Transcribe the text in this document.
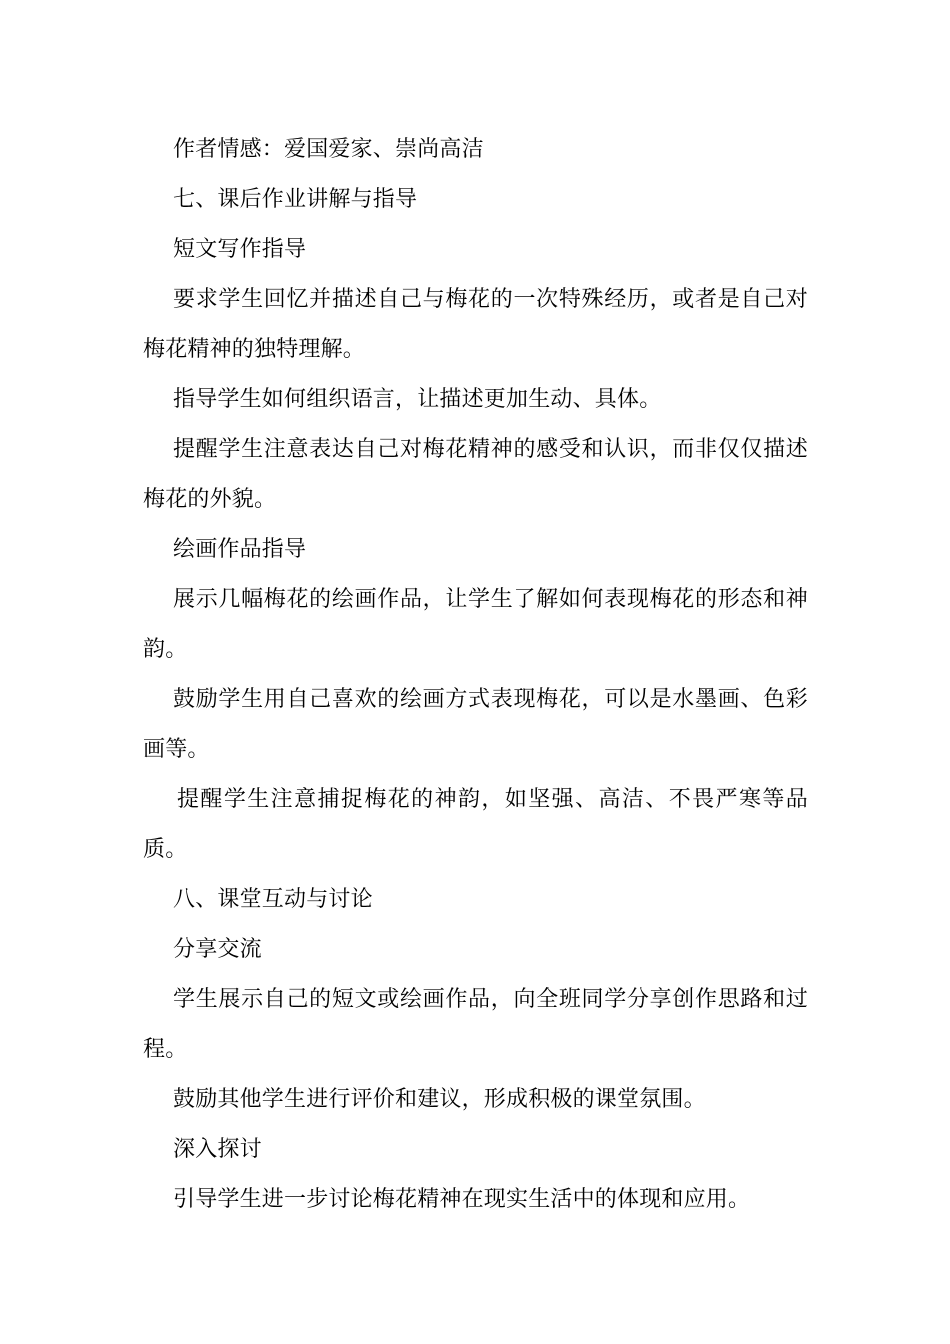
作者情感：爱国爱家、崇尚高洁

七、课后作业讲解与指导

短文写作指导

要求学生回忆并描述自己与梅花的一次特殊经历，或者是自己对梅花精神的独特理解。

指导学生如何组织语言，让描述更加生动、具体。

提醒学生注意表达自己对梅花精神的感受和认识，而非仅仅描述梅花的外貌。

绘画作品指导

展示几幅梅花的绘画作品，让学生了解如何表现梅花的形态和神韵。

鼓励学生用自己喜欢的绘画方式表现梅花，可以是水墨画、色彩画等。

提醒学生注意捕捉梅花的神韵，如坚强、高洁、不畏严寒等品质。

八、课堂互动与讨论

分享交流

学生展示自己的短文或绘画作品，向全班同学分享创作思路和过程。

鼓励其他学生进行评价和建议，形成积极的课堂氛围。

深入探讨

引导学生进一步讨论梅花精神在现实生活中的体现和应用。
